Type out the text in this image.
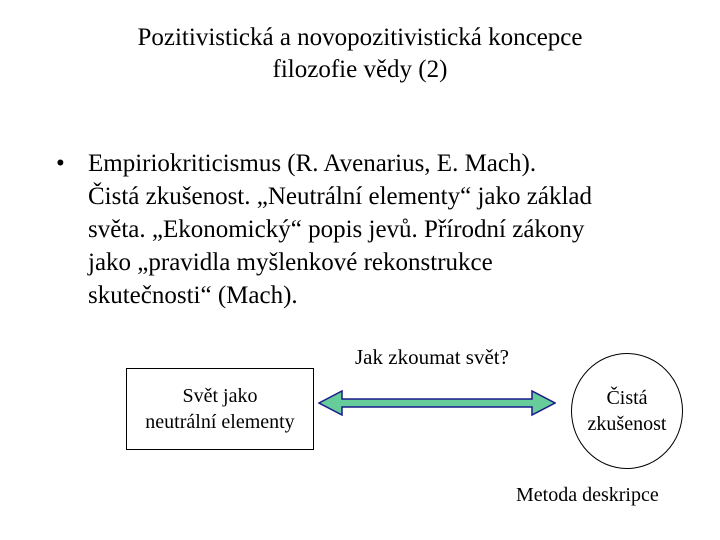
Pozitivistická a novopozitivistická koncepce
filozofie vědy (2)
• Empiriokriticismus (R. Avenarius, E. Mach).
Čistá zkušenost. „Neutrální elementy“ jako základ
světa. „Ekonomický“ popis jevů. Přírodní zákony
jako „pravidla myšlenkové rekonstrukce
skutečnosti“ (Mach).
Jak zkoumat svět?
Svět jako
neutrální elementy
Čistá
zkušenost
Metoda deskripce
